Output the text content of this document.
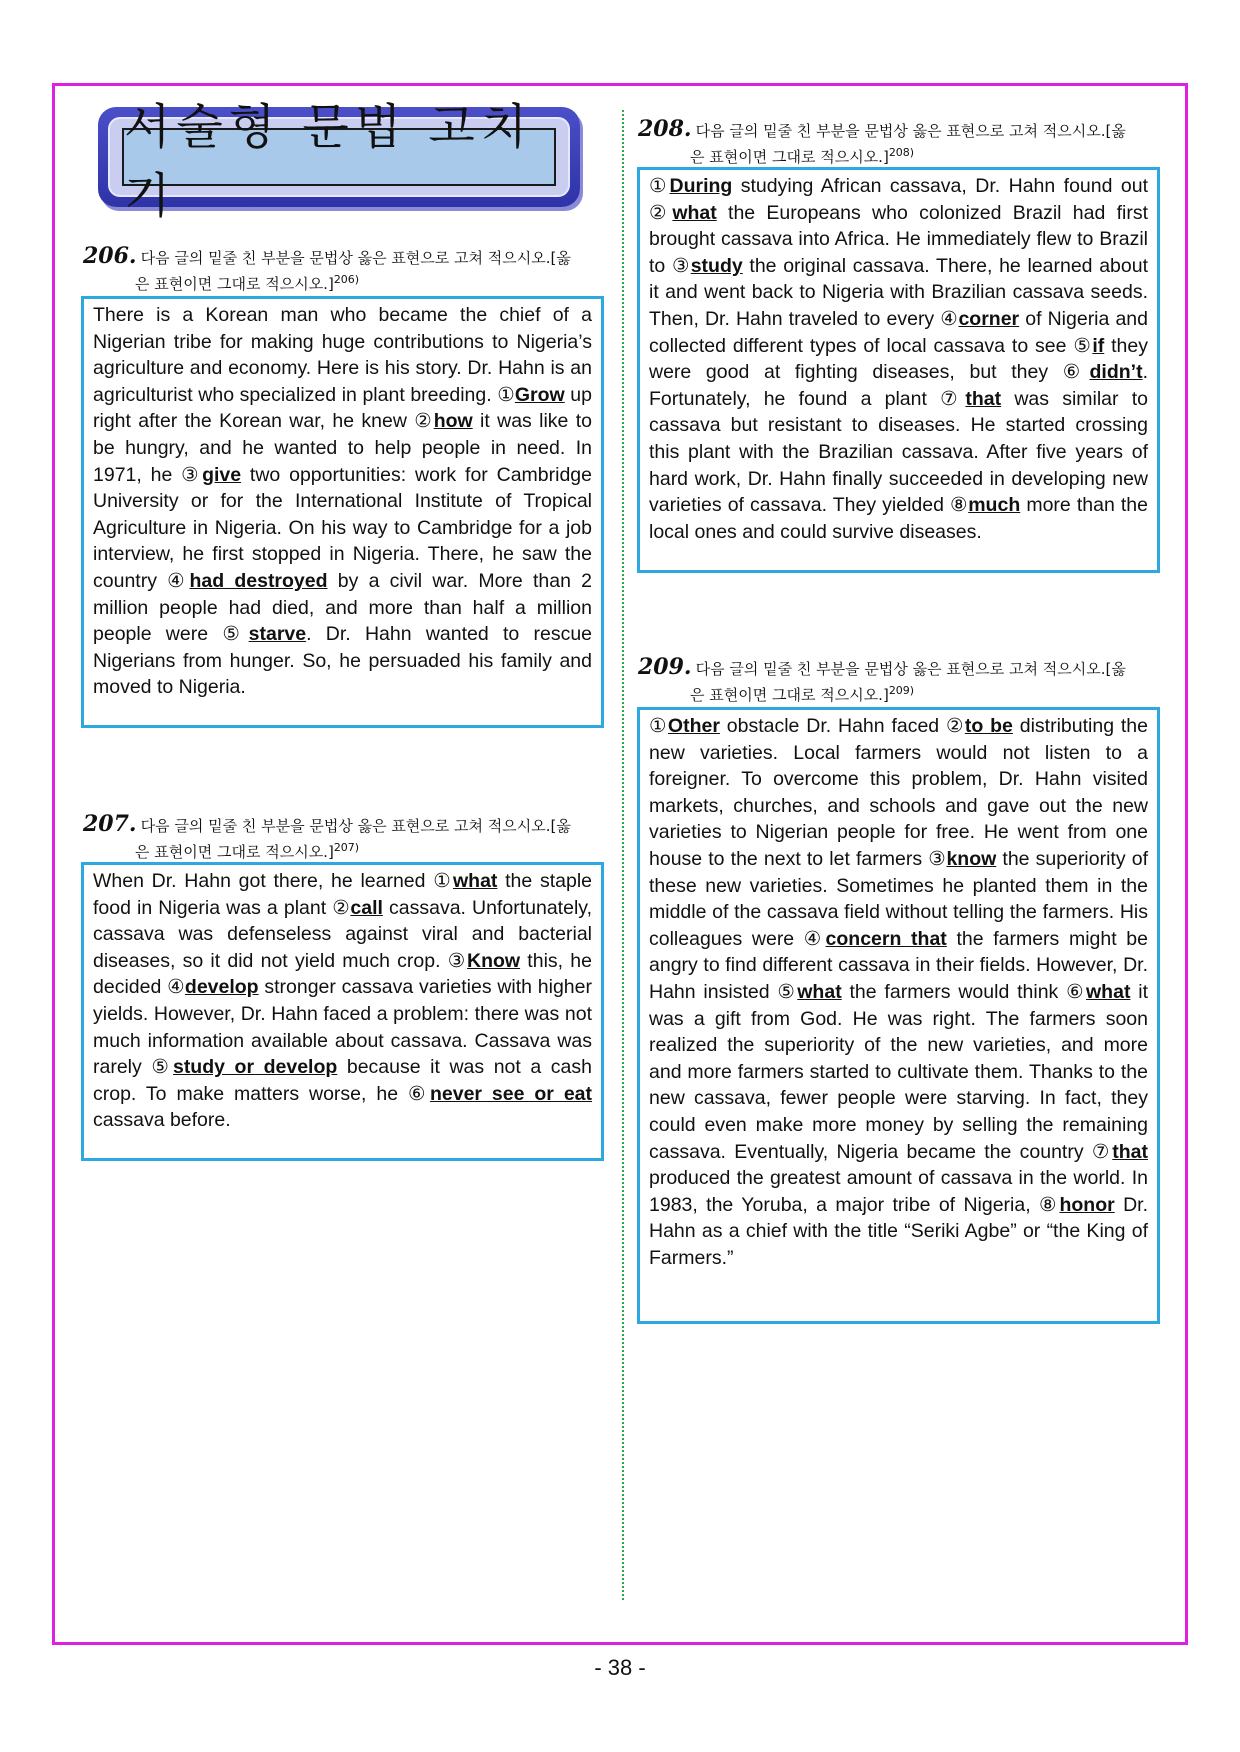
서술형 문법 고치기
206. 다음 글의 밑줄 친 부분을 문법상 옳은 표현으로 고쳐 적으시오.[옳
은 표현이면 그대로 적으시오.]$^{206)}$

There is a Korean man who became the chief of a Nigerian tribe for making huge contributions to Nigeria’s agriculture and economy. Here is his story. Dr. Hahn is an agriculturist who specialized in plant breeding. ①Grow up right after the Korean war, he knew ②how it was like to be hungry, and he wanted to help people in need. In 1971, he ③give two opportunities: work for Cambridge University or for the International Institute of Tropical Agriculture in Nigeria. On his way to Cambridge for a job interview, he first stopped in Nigeria. There, he saw the country ④had destroyed by a civil war. More than 2 million people had died, and more than half a million people were ⑤starve. Dr. Hahn wanted to rescue Nigerians from hunger. So, he persuaded his family and moved to Nigeria.

207. 다음 글의 밑줄 친 부분을 문법상 옳은 표현으로 고쳐 적으시오.[옳
은 표현이면 그대로 적으시오.]$^{207)}$

When Dr. Hahn got there, he learned ①what the staple food in Nigeria was a plant ②call cassava. Unfortunately, cassava was defenseless against viral and bacterial diseases, so it did not yield much crop. ③Know this, he decided ④develop stronger cassava varieties with higher yields. However, Dr. Hahn faced a problem: there was not much information available about cassava. Cassava was rarely ⑤study or develop because it was not a cash crop. To make matters worse, he ⑥never see or eat cassava before.

208. 다음 글의 밑줄 친 부분을 문법상 옳은 표현으로 고쳐 적으시오.[옳
은 표현이면 그대로 적으시오.]$^{208)}$

①During studying African cassava, Dr. Hahn found out ②what the Europeans who colonized Brazil had first brought cassava into Africa. He immediately flew to Brazil to ③study the original cassava. There, he learned about it and went back to Nigeria with Brazilian cassava seeds. Then, Dr. Hahn traveled to every ④corner of Nigeria and collected different types of local cassava to see ⑤if they were good at fighting diseases, but they ⑥didn’t. Fortunately, he found a plant ⑦that was similar to cassava but resistant to diseases. He started crossing this plant with the Brazilian cassava. After five years of hard work, Dr. Hahn finally succeeded in developing new varieties of cassava. They yielded ⑧much more than the local ones and could survive diseases.

209. 다음 글의 밑줄 친 부분을 문법상 옳은 표현으로 고쳐 적으시오.[옳
은 표현이면 그대로 적으시오.]$^{209)}$

①Other obstacle Dr. Hahn faced ②to be distributing the new varieties. Local farmers would not listen to a foreigner. To overcome this problem, Dr. Hahn visited markets, churches, and schools and gave out the new varieties to Nigerian people for free. He went from one house to the next to let farmers ③know the superiority of these new varieties. Sometimes he planted them in the middle of the cassava field without telling the farmers. His colleagues were ④concern that the farmers might be angry to find different cassava in their fields. However, Dr. Hahn insisted ⑤what the farmers would think ⑥what it was a gift from God. He was right. The farmers soon realized the superiority of the new varieties, and more and more farmers started to cultivate them. Thanks to the new cassava, fewer people were starving. In fact, they could even make more money by selling the remaining cassava. Eventually, Nigeria became the country ⑦that produced the greatest amount of cassava in the world. In 1983, the Yoruba, a major tribe of Nigeria, ⑧honor Dr. Hahn as a chief with the title “Seriki Agbe” or “the King of Farmers.”

- 38 -
